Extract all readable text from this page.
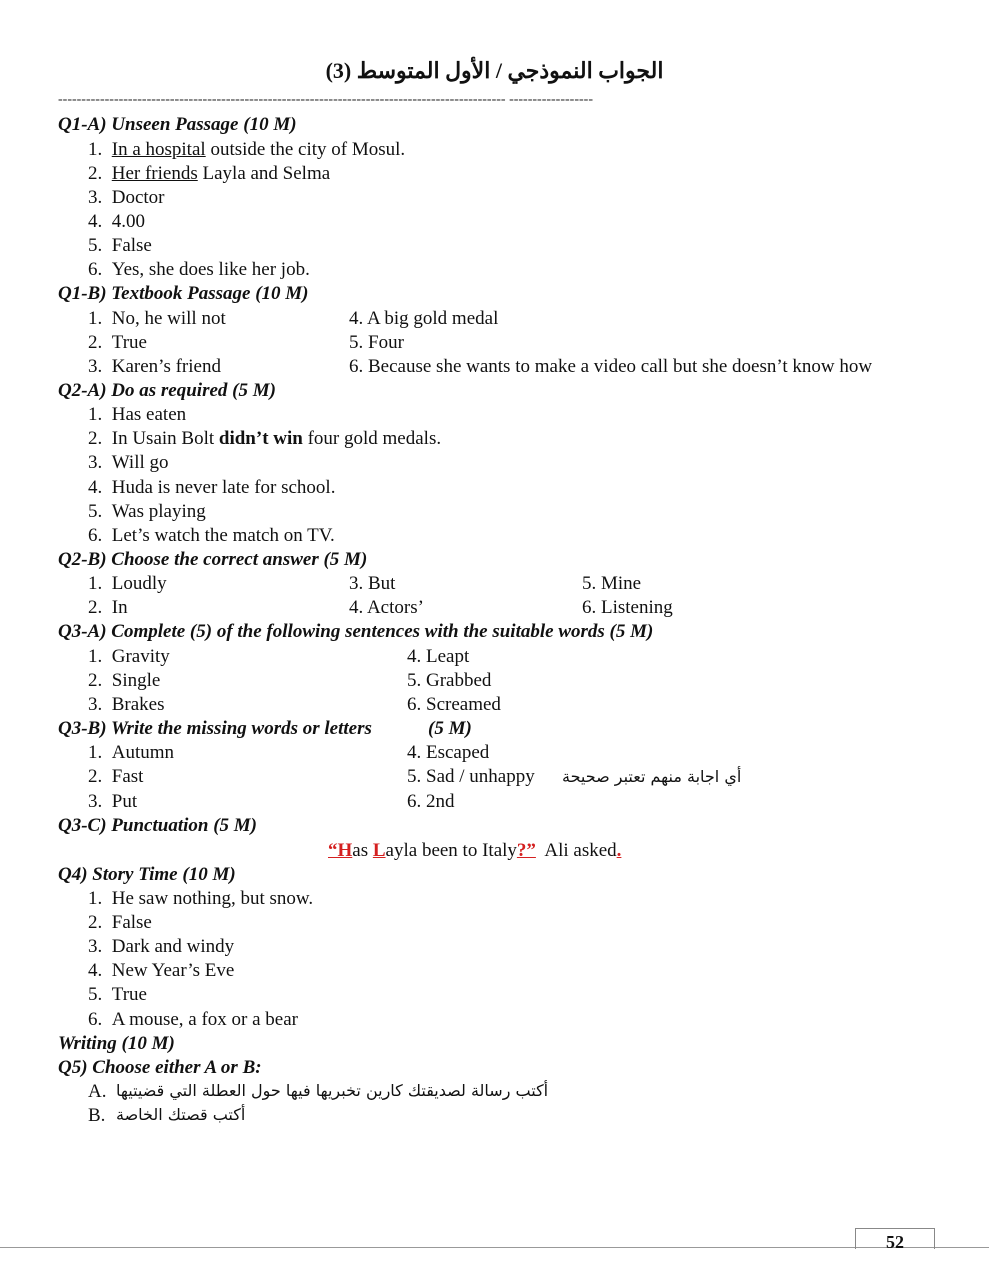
الجواب النموذجي / الأول المتوسط (3)
------------------------------------------------------------------------------------------------ ------------------
Q1-A) Unseen Passage (10 M)
1. In a hospital outside the city of Mosul.
2. Her friends Layla and Selma
3. Doctor
4. 4.00
5. False
6. Yes, she does like her job.
Q1-B) Textbook Passage (10 M)
1. No, he will not
2. True
3. Karen’s friend
4. A big gold medal
5. Four
6. Because she wants to make a video call but she doesn’t know how
Q2-A) Do as required (5 M)
1. Has eaten
2. In Usain Bolt didn’t win four gold medals.
3. Will go
4. Huda is never late for school.
5. Was playing
6. Let’s watch the match on TV.
Q2-B) Choose the correct answer (5 M)
1. Loudly
2. In
3. But
4. Actors’
5. Mine
6. Listening
Q3-A) Complete (5) of the following sentences with the suitable words (5 M)
1. Gravity
2. Single
3. Brakes
4. Leapt
5. Grabbed
6. Screamed
Q3-B) Write the missing words or letters	(5 M)
1. Autumn
2. Fast
3. Put
4. Escaped
5. Sad / unhappy
6. 2nd
أي اجابة منهم تعتبر صحيحة
Q3-C) Punctuation (5 M)
“Has Layla been to Italy?”  Ali asked.
Q4) Story Time (10 M)
1. He saw nothing, but snow.
2. False
3. Dark and windy
4. New Year’s Eve
5. True
6. A mouse, a fox or a bear
Writing (10 M)
Q5) Choose either A or B:
A. أكتب رسالة لصديقتك كارين تخبريها فيها حول العطلة التي قضيتيها
B. أكتب قصتك الخاصة
52
